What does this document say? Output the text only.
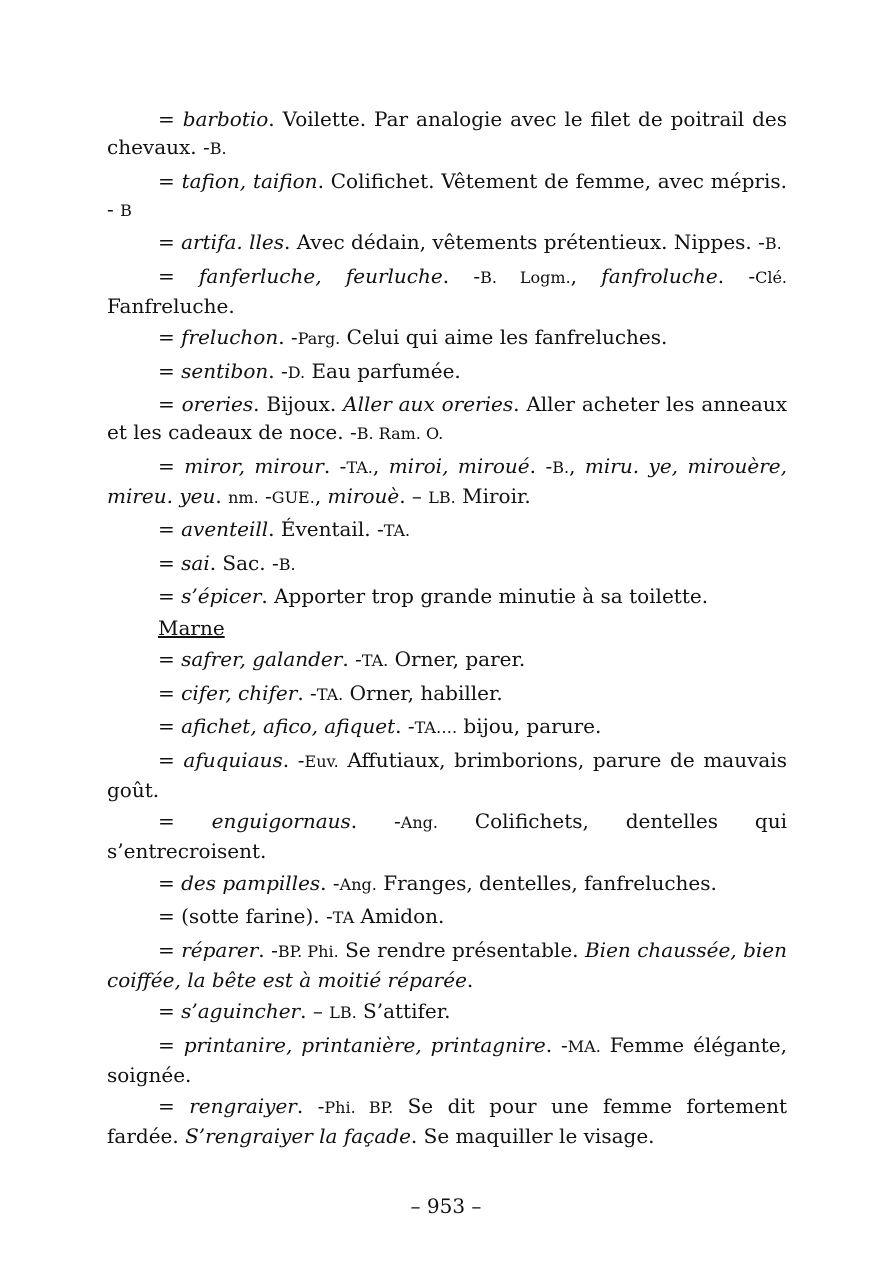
= barbotio. Voilette. Par analogie avec le filet de poitrail des chevaux. -B.

= tafion, taifion. Colifichet. Vêtement de femme, avec mépris. - B

= artifa. lles. Avec dédain, vêtements prétentieux. Nippes. -B.

= fanferluche, feurluche. -B. Logm., fanfroluche. -Clé. Fanfreluche.

= freluchon. -Parg. Celui qui aime les fanfreluches.

= sentibon. -D. Eau parfumée.

= oreries. Bijoux. Aller aux oreries. Aller acheter les anneaux et les cadeaux de noce. -B. Ram. O.

= miror, mirour. -TA., miroi, miroué. -B., miru. ye, mirouère, mireu. yeu. nm. -GUE., mirouè. – LB. Miroir.

= aventeill. Éventail. -TA.

= sai. Sac. -B.

= s’épicer. Apporter trop grande minutie à sa toilette.

Marne

= safrer, galander. -TA. Orner, parer.

= cifer, chifer. -TA. Orner, habiller.

= afichet, afico, afiquet. -TA…. bijou, parure.

= afuquiaus. -Euv. Affutiaux, brimborions, parure de mauvais goût.

= enguigornaus. -Ang. Colifichets, dentelles qui s’entrecroisent.

= des pampilles. -Ang. Franges, dentelles, fanfreluches.

= (sotte farine). -TA Amidon.

= réparer. -BP. Phi. Se rendre présentable. Bien chaussée, bien coiffée, la bête est à moitié réparée.

= s’aguincher. – LB. S’attifer.

= printanire, printanière, printagnire. -MA. Femme élégante, soignée.

= rengraiyer. -Phi. BP. Se dit pour une femme fortement fardée. S’rengraiyer la façade. Se maquiller le visage.

– 953 –
